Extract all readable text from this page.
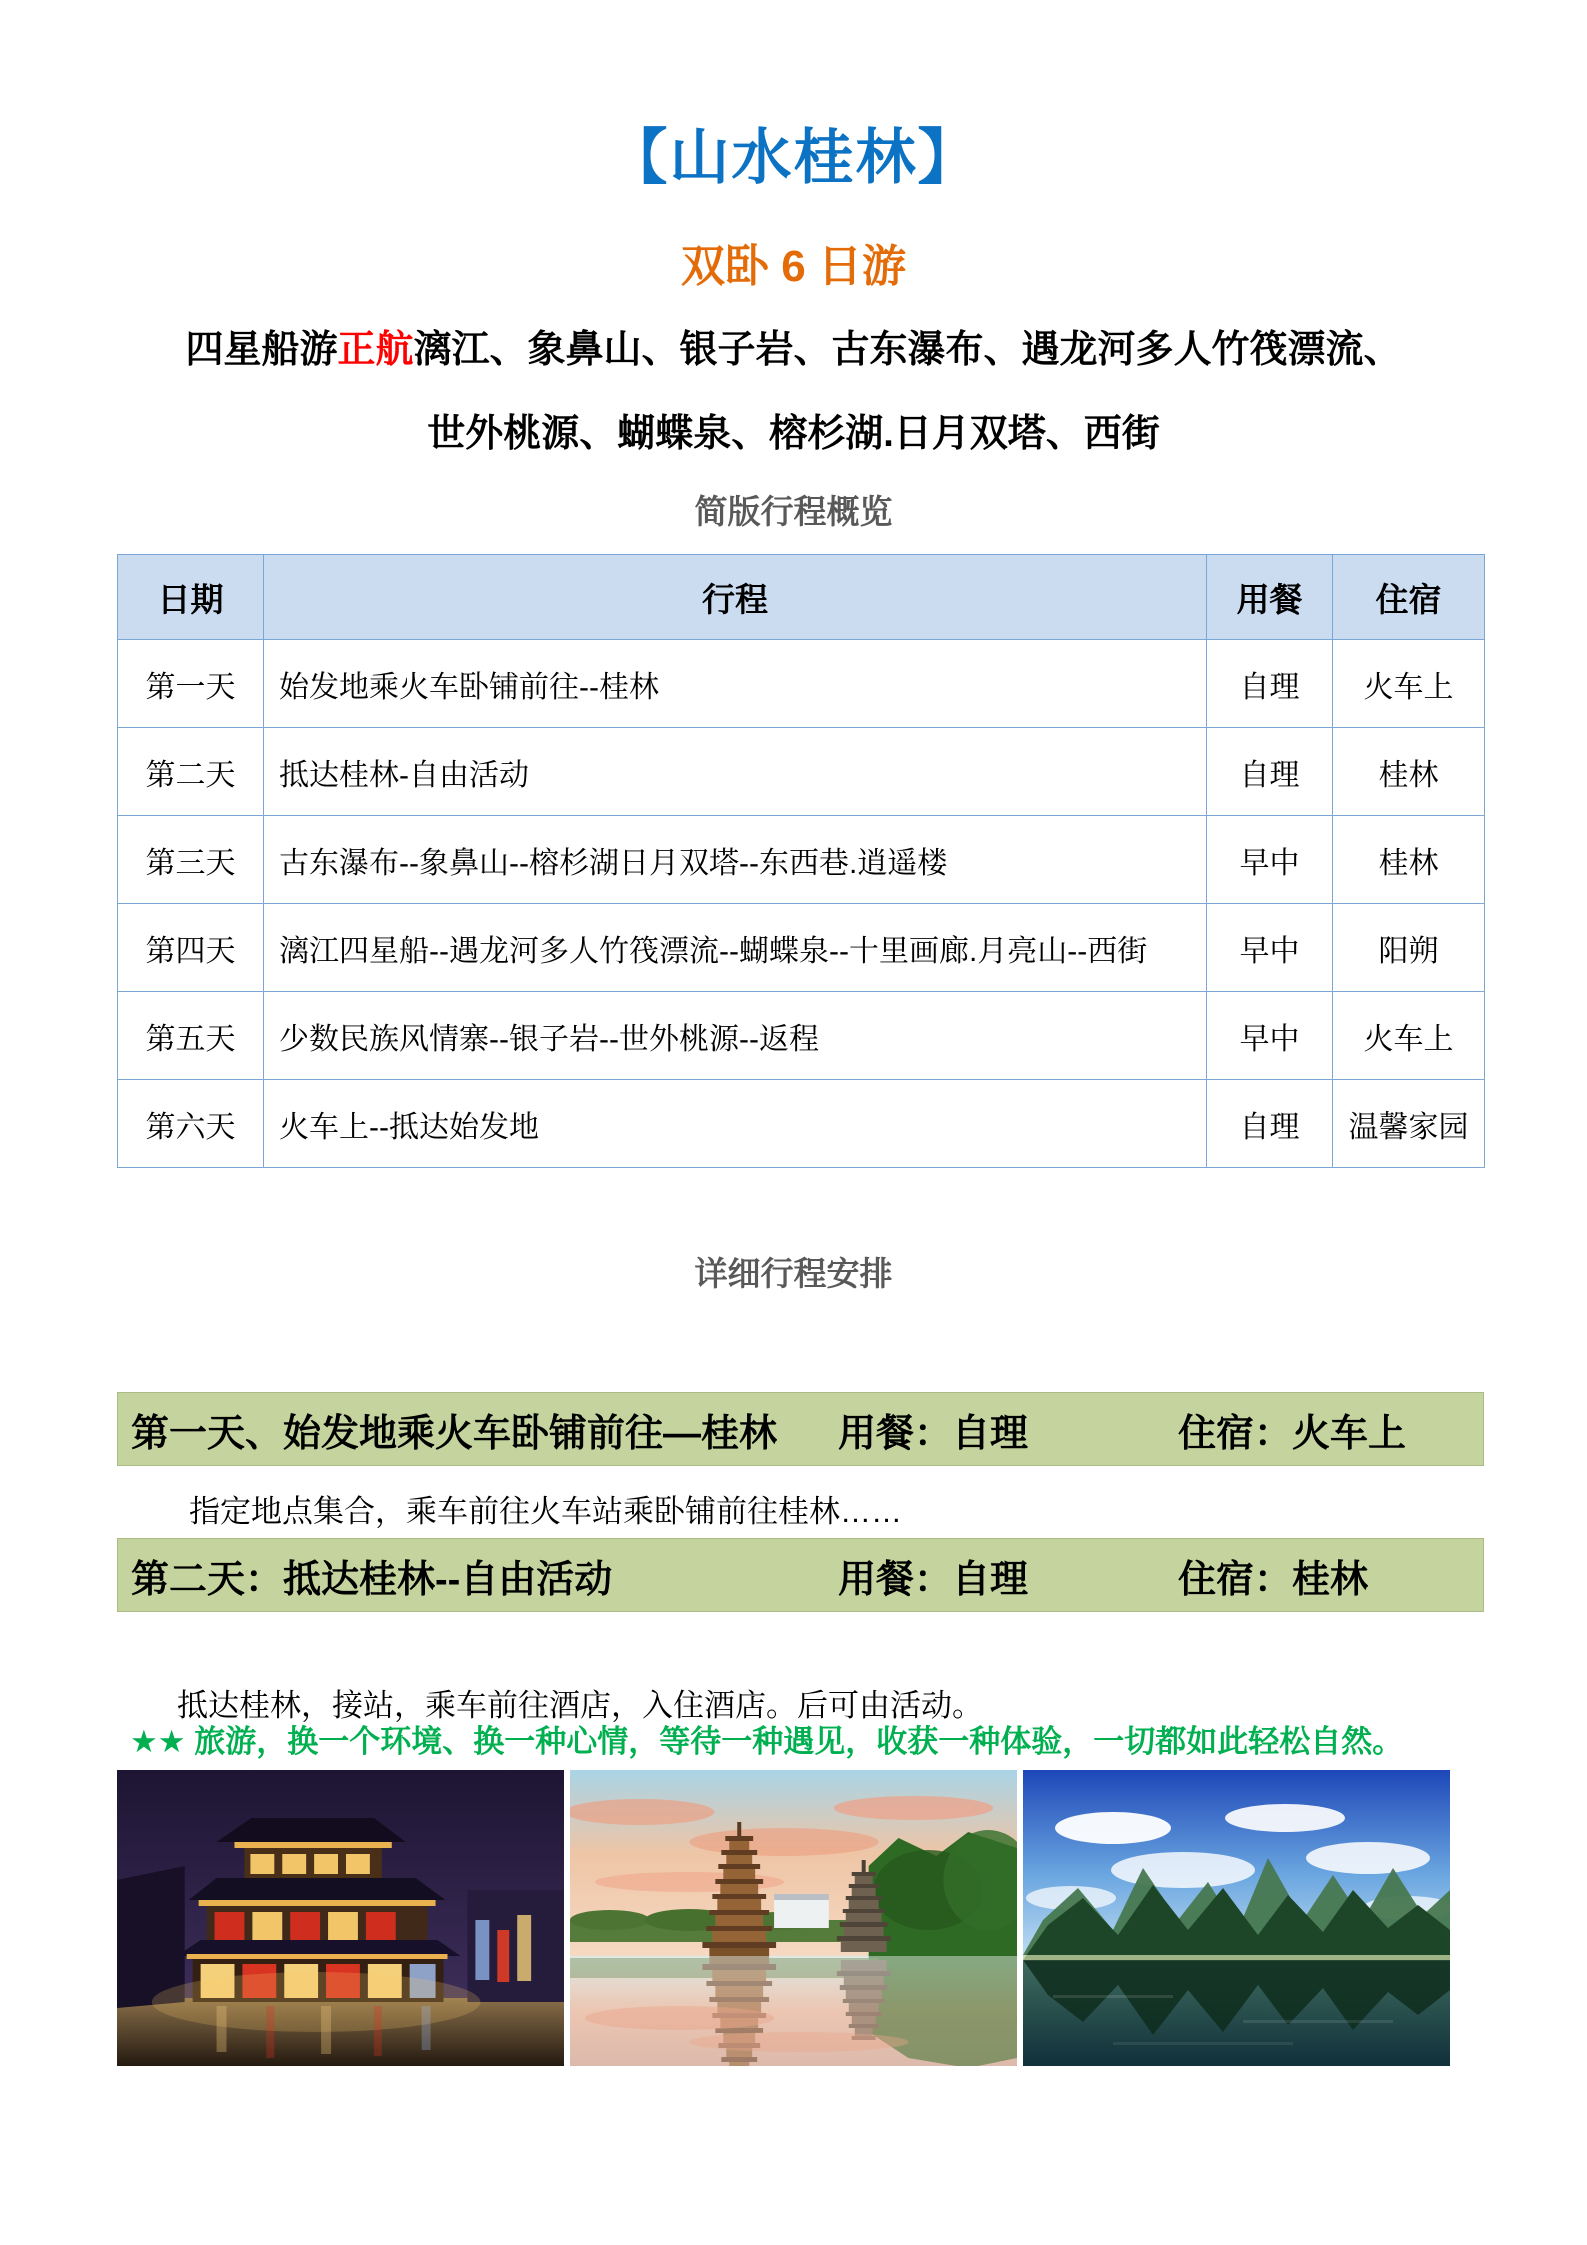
【山水桂林】
双卧 6 日游
四星船游正航漓江、象鼻山、银子岩、古东瀑布、遇龙河多人竹筏漂流、
世外桃源、蝴蝶泉、榕杉湖.日月双塔、西街
简版行程概览
日期	行程	用餐	住宿
第一天	始发地乘火车卧铺前往--桂林	自理	火车上
第二天	抵达桂林-自由活动	自理	桂林
第三天	古东瀑布--象鼻山--榕杉湖日月双塔--东西巷.逍遥楼	早中	桂林
第四天	漓江四星船--遇龙河多人竹筏漂流--蝴蝶泉--十里画廊.月亮山--西街	早中	阳朔
第五天	少数民族风情寨--银子岩--世外桃源--返程	早中	火车上
第六天	火车上--抵达始发地	自理	温馨家园
详细行程安排
第一天、始发地乘火车卧铺前往—桂林	用餐：自理	住宿：火车上

指定地点集合，乘车前往火车站乘卧铺前往桂林……

第二天：抵达桂林--自由活动	用餐：自理	住宿：桂林

抵达桂林，接站，乘车前往酒店，入住酒店。后可由活动。

★★ 旅游，换一个环境、换一种心情，等待一种遇见，收获一种体验，一切都如此轻松自然。
